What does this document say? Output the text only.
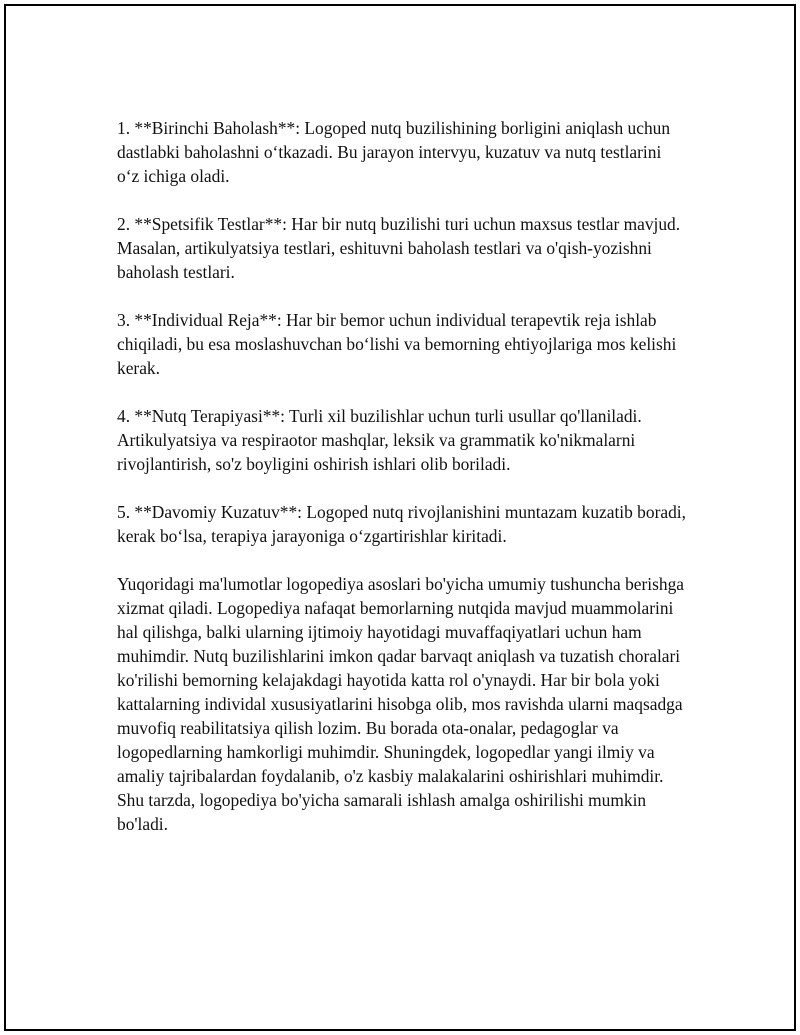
1. **Birinchi Baholash**: Logoped nutq buzilishining borligini aniqlash uchun dastlabki baholashni o‘tkazadi. Bu jarayon intervyu, kuzatuv va nutq testlarini o‘z ichiga oladi.

2. **Spetsifik Testlar**: Har bir nutq buzilishi turi uchun maxsus testlar mavjud. Masalan, artikulyatsiya testlari, eshituvni baholash testlari va o'qish-yozishni baholash testlari.

3. **Individual Reja**: Har bir bemor uchun individual terapevtik reja ishlab chiqiladi, bu esa moslashuvchan bo‘lishi va bemorning ehtiyojlariga mos kelishi kerak.

4. **Nutq Terapiyasi**: Turli xil buzilishlar uchun turli usullar qo'llaniladi. Artikulyatsiya va respiraotor mashqlar, leksik va grammatik ko'nikmalarni rivojlantirish, so'z boyligini oshirish ishlari olib boriladi.

5. **Davomiy Kuzatuv**: Logoped nutq rivojlanishini muntazam kuzatib boradi, kerak bo‘lsa, terapiya jarayoniga o‘zgartirishlar kiritadi.

Yuqoridagi ma'lumotlar logopediya asoslari bo'yicha umumiy tushuncha berishga xizmat qiladi. Logopediya nafaqat bemorlarning nutqida mavjud muammolarini hal qilishga, balki ularning ijtimoiy hayotidagi muvaffaqiyatlari uchun ham muhimdir. Nutq buzilishlarini imkon qadar barvaqt aniqlash va tuzatish choralari ko'rilishi bemorning kelajakdagi hayotida katta rol o'ynaydi. Har bir bola yoki kattalarning individal xususiyatlarini hisobga olib, mos ravishda ularni maqsadga muvofiq reabilitatsiya qilish lozim. Bu borada ota-onalar, pedagoglar va logopedlarning hamkorligi muhimdir. Shuningdek, logopedlar yangi ilmiy va amaliy tajribalardan foydalanib, o'z kasbiy malakalarini oshirishlari muhimdir. Shu tarzda, logopediya bo'yicha samarali ishlash amalga oshirilishi mumkin bo'ladi.
